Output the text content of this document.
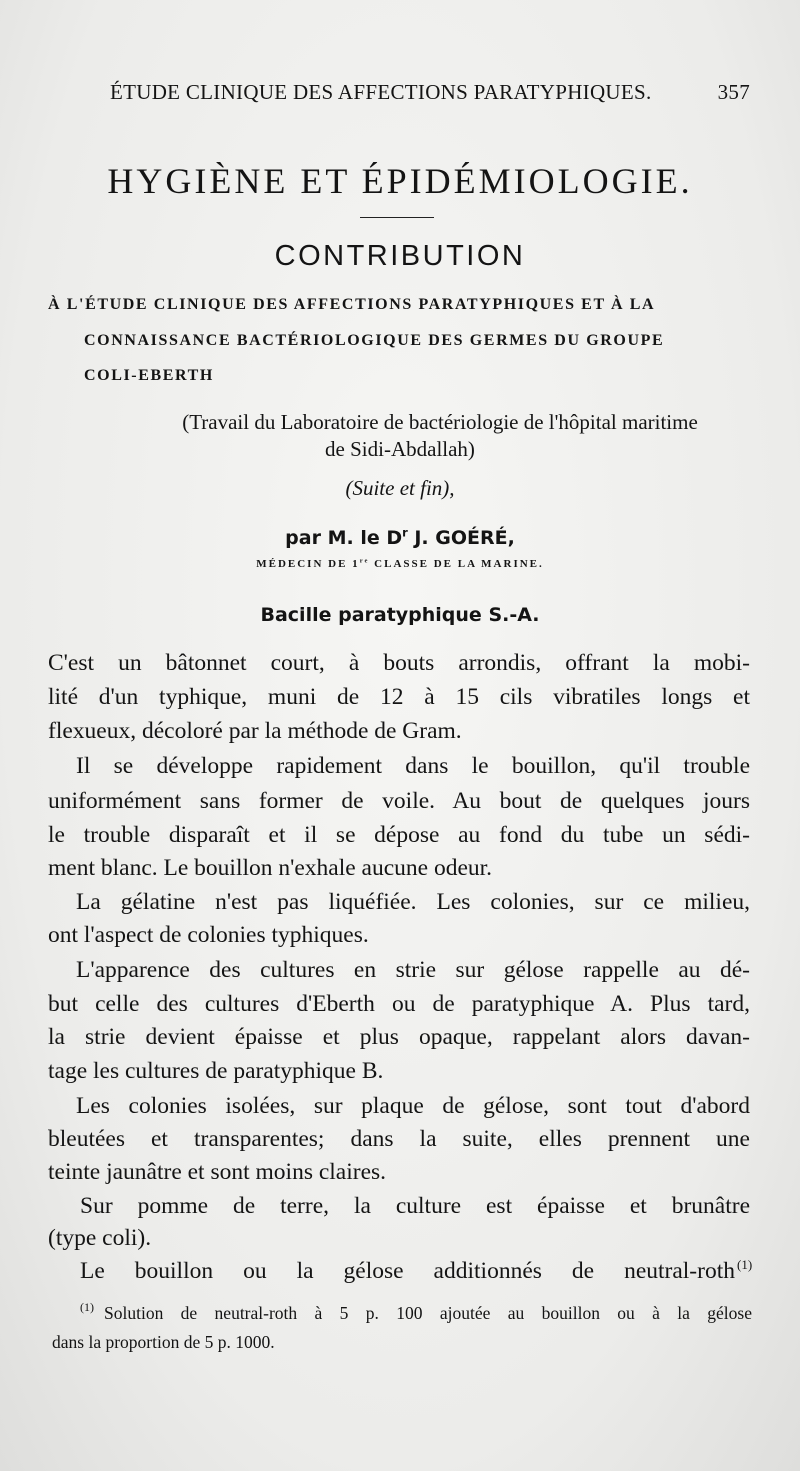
ÉTUDE CLINIQUE DES AFFECTIONS PARATYPHIQUES.	357
HYGIÈNE ET ÉPIDÉMIOLOGIE.
CONTRIBUTION
À L'ÉTUDE CLINIQUE DES AFFECTIONS PARATYPHIQUES ET À LA
CONNAISSANCE BACTÉRIOLOGIQUE DES GERMES DU GROUPE
COLI-EBERTH
(Travail du Laboratoire de bactériologie de l'hôpital maritime
de Sidi-Abdallah)
(Suite et fin),
par M. le $D^r$ J. GOÉRÉ,
MÉDECIN DE 1re CLASSE DE LA MARINE.
Bacille paratyphique S.-A.
C'est un bâtonnet court, à bouts arrondis, offrant la mobi-
lité d'un typhique, muni de 12 à 15 cils vibratiles longs et
flexueux, décoloré par la méthode de Gram.
Il se développe rapidement dans le bouillon, qu'il trouble
uniformément sans former de voile. Au bout de quelques jours
le trouble disparaît et il se dépose au fond du tube un sédi-
ment blanc. Le bouillon n'exhale aucune odeur.
La gélatine n'est pas liquéfiée. Les colonies, sur ce milieu,
ont l'aspect de colonies typhiques.
L'apparence des cultures en strie sur gélose rappelle au dé-
but celle des cultures d'Eberth ou de paratyphique A. Plus tard,
la strie devient épaisse et plus opaque, rappelant alors davan-
tage les cultures de paratyphique B.
Les colonies isolées, sur plaque de gélose, sont tout d'abord
bleutées et transparentes; dans la suite, elles prennent une
teinte jaunâtre et sont moins claires.
Sur pomme de terre, la culture est épaisse et brunâtre
(type coli).
Le bouillon ou la gélose additionnés de neutral-roth (1)
(1) Solution de neutral-roth à 5 p. 100 ajoutée au bouillon ou à la gélose
dans la proportion de 5 p. 1000.
